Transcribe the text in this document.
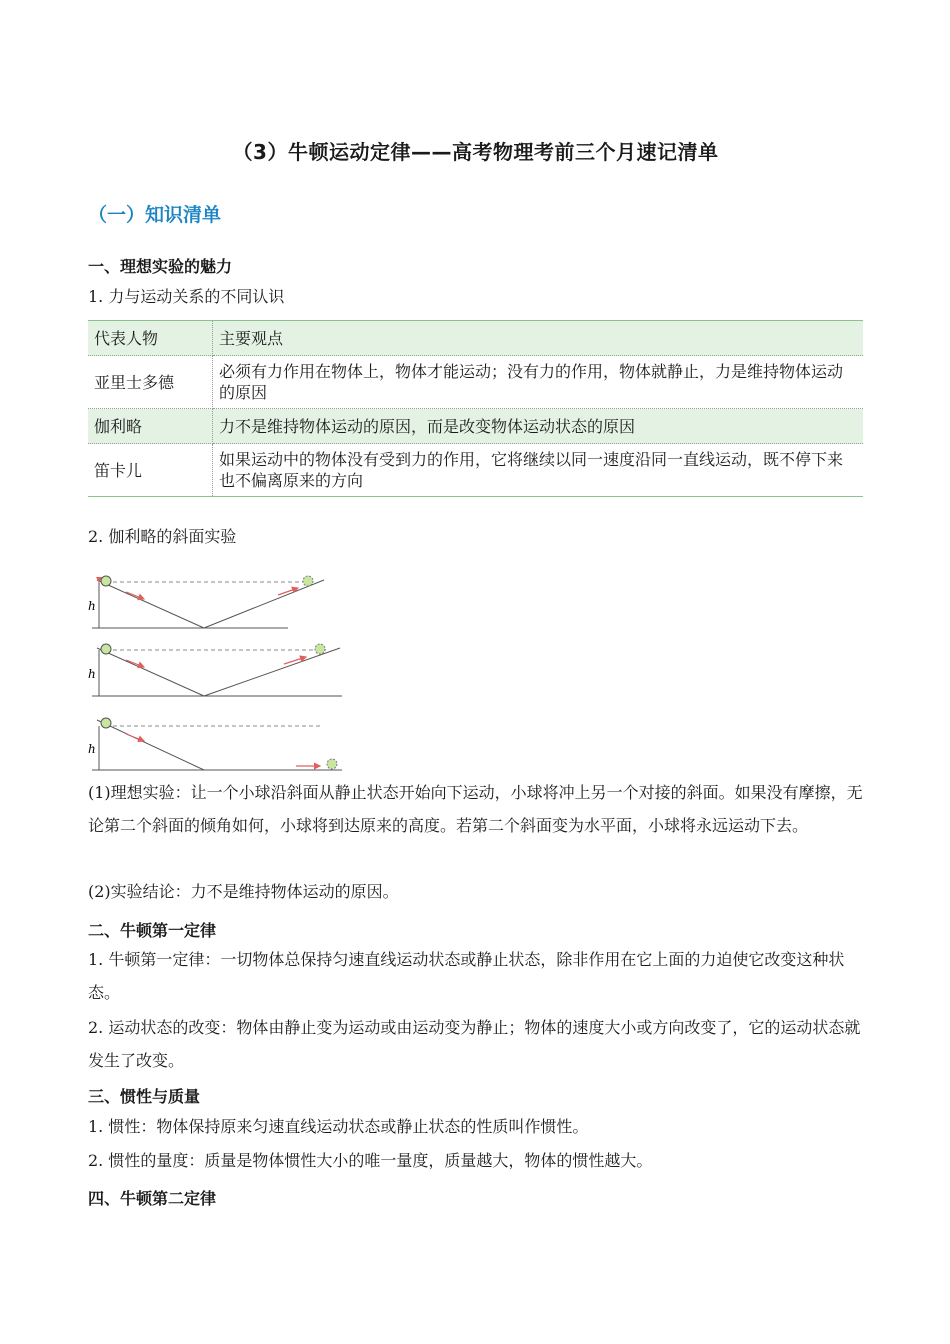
（3）牛顿运动定律——高考物理考前三个月速记清单
（一）知识清单
一、理想实验的魅力
1. 力与运动关系的不同认识
代表人物	主要观点
亚里士多德	必须有力作用在物体上，物体才能运动；没有力的作用，物体就静止，力是维持物体运动的原因
伽利略	力不是维持物体运动的原因，而是改变物体运动状态的原因
笛卡儿	如果运动中的物体没有受到力的作用，它将继续以同一速度沿同一直线运动，既不停下来也不偏离原来的方向
2. 伽利略的斜面实验
h
h
h
(1)理想实验：让一个小球沿斜面从静止状态开始向下运动，小球将冲上另一个对接的斜面。如果没有摩擦，无论第二个斜面的倾角如何，小球将到达原来的高度。若第二个斜面变为水平面，小球将永远运动下去。
(2)实验结论：力不是维持物体运动的原因。
二、牛顿第一定律
1. 牛顿第一定律：一切物体总保持匀速直线运动状态或静止状态，除非作用在它上面的力迫使它改变这种状态。
2. 运动状态的改变：物体由静止变为运动或由运动变为静止；物体的速度大小或方向改变了，它的运动状态就发生了改变。
三、惯性与质量
1. 惯性：物体保持原来匀速直线运动状态或静止状态的性质叫作惯性。
2. 惯性的量度：质量是物体惯性大小的唯一量度，质量越大，物体的惯性越大。
四、牛顿第二定律
